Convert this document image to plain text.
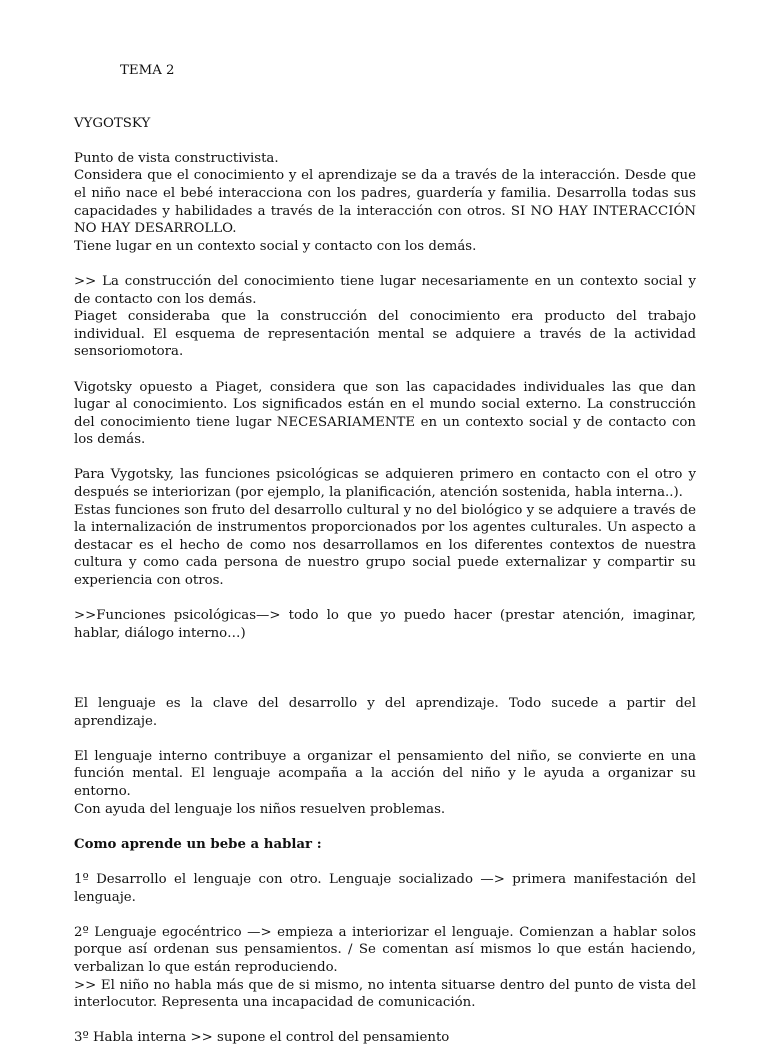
TEMA 2
VYGOTSKY
Punto de vista constructivista.
Considera que el conocimiento y el aprendizaje se da a través de la interacción. Desde que el niño nace el bebé interacciona con los padres, guardería y familia. Desarrolla todas sus capacidades y habilidades a través de la interacción con otros. SI NO HAY INTERACCIÓN NO HAY DESARROLLO.
Tiene lugar en un contexto social y contacto con los demás.
>> La construcción del conocimiento tiene lugar necesariamente en un contexto social y de contacto con los demás.
Piaget consideraba que la construcción del conocimiento era producto del trabajo individual. El esquema de representación mental se adquiere a través de la actividad sensoriomotora.
Vigotsky opuesto a Piaget, considera que son las capacidades individuales las que dan lugar al conocimiento. Los significados están en el mundo social externo. La construcción del conocimiento tiene lugar NECESARIAMENTE en un contexto social y de contacto con los demás.
Para Vygotsky, las funciones psicológicas se adquieren primero en contacto con el otro y después se interiorizan (por ejemplo, la planificación, atención sostenida, habla interna..).
Estas funciones son fruto del desarrollo cultural y no del biológico y se adquiere a través de la internalización de instrumentos proporcionados por los agentes culturales. Un aspecto a destacar es el hecho de como nos desarrollamos en los diferentes contextos de nuestra cultura y como cada persona de nuestro grupo social puede externalizar y compartir su experiencia con otros.
>>Funciones psicológicas—> todo lo que yo puedo hacer (prestar atención, imaginar, hablar, diálogo interno…)
El lenguaje es la clave del desarrollo y del aprendizaje. Todo sucede a partir del aprendizaje.
El lenguaje interno contribuye a organizar el pensamiento del niño, se convierte en una función mental. El lenguaje acompaña a la acción del niño y le ayuda a organizar su entorno.
Con ayuda del lenguaje los niños resuelven problemas.
Como aprende un bebe a hablar :
1º Desarrollo el lenguaje con otro. Lenguaje socializado —> primera manifestación del lenguaje.
2º Lenguaje egocéntrico —> empieza a interiorizar el lenguaje. Comienzan a hablar solos porque así ordenan sus pensamientos. / Se comentan así mismos lo que están haciendo, verbalizan lo que están reproduciendo.
>> El niño no habla más que de si mismo, no intenta situarse dentro del punto de vista del interlocutor. Representa una incapacidad de comunicación.
3º Habla interna >> supone el control del pensamiento
